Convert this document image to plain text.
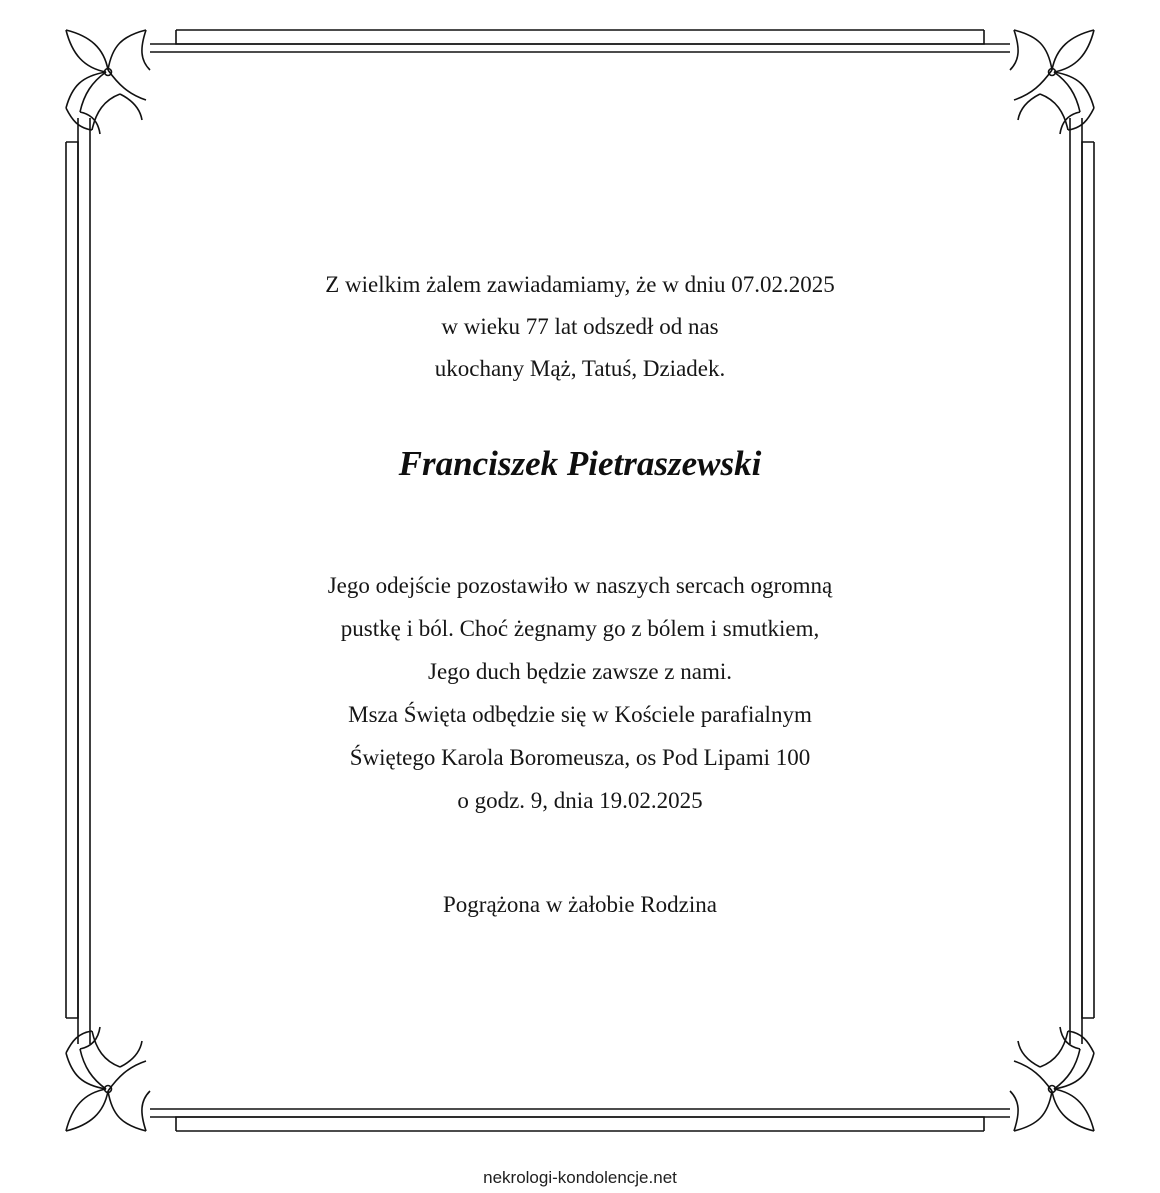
Z wielkim żalem zawiadamiamy, że w dniu 07.02.2025
w wieku 77 lat odszedł od nas
ukochany Mąż, Tatuś, Dziadek.
Franciszek Pietraszewski
Jego odejście pozostawiło w naszych sercach ogromną
pustkę i ból. Choć żegnamy go z bólem i smutkiem,
Jego duch będzie zawsze z nami.
Msza Święta odbędzie się w Kościele parafialnym
Świętego Karola Boromeusza, os Pod Lipami 100
o godz. 9, dnia 19.02.2025
Pogrążona w żałobie Rodzina
nekrologi-kondolencje.net
